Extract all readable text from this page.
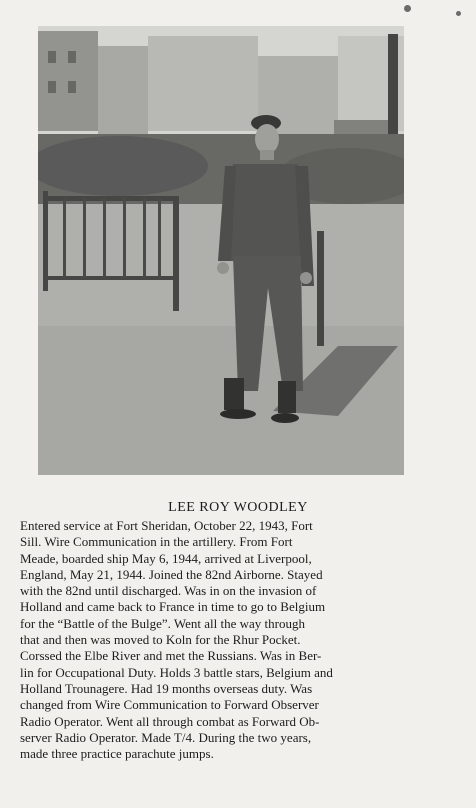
LEE ROY WOODLEY
Entered service at Fort Sheridan, October 22, 1943, Fort
Sill. Wire Communication in the artillery. From Fort
Meade, boarded ship May 6, 1944, arrived at Liverpool,
England, May 21, 1944. Joined the 82nd Airborne. Stayed
with the 82nd until discharged. Was in on the invasion of
Holland and came back to France in time to go to Belgium
for the “Battle of the Bulge”. Went all the way through
that and then was moved to Koln for the Rhur Pocket.
Corssed the Elbe River and met the Russians. Was in Ber-
lin for Occupational Duty. Holds 3 battle stars, Belgium and
Holland Trounagere. Had 19 months overseas duty. Was
changed from Wire Communication to Forward Observer
Radio Operator. Went all through combat as Forward Ob-
server Radio Operator. Made T/4. During the two years,
made three practice parachute jumps.
